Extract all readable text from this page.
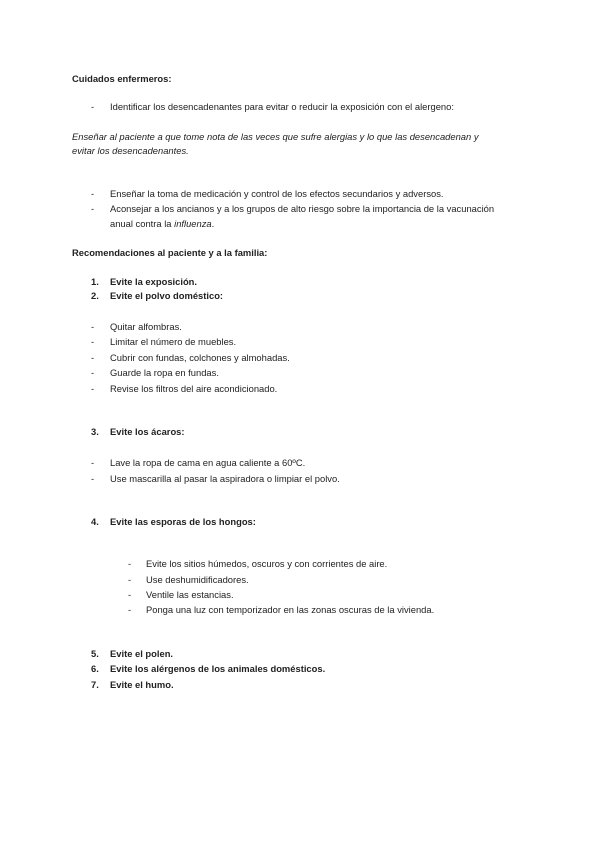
Cuidados enfermeros:
- Identificar los desencadenantes para evitar o reducir la exposición con el alergeno:
Enseñar al paciente a que tome nota de las veces que sufre alergias y lo que las desencadenan y
evitar los desencadenantes.
- Enseñar la toma de medicación y control de los efectos secundarios y adversos.
- Aconsejar a los ancianos y a los grupos de alto riesgo sobre la importancia de la vacunación
anual contra la influenza.
Recomendaciones al paciente y a la familia:
1. Evite la exposición.
2. Evite el polvo doméstico:
- Quitar alfombras.
- Limitar el número de muebles.
- Cubrir con fundas, colchones y almohadas.
- Guarde la ropa en fundas.
- Revise los filtros del aire acondicionado.
3. Evite los ácaros:
- Lave la ropa de cama en agua caliente a 60ºC.
- Use mascarilla al pasar la aspiradora o limpiar el polvo.
4. Evite las esporas de los hongos:
- Evite los sitios húmedos, oscuros y con corrientes de aire.
- Use deshumidificadores.
- Ventile las estancias.
- Ponga una luz con temporizador en las zonas oscuras de la vivienda.
5. Evite el polen.
6. Evite los alérgenos de los animales domésticos.
7. Evite el humo.
